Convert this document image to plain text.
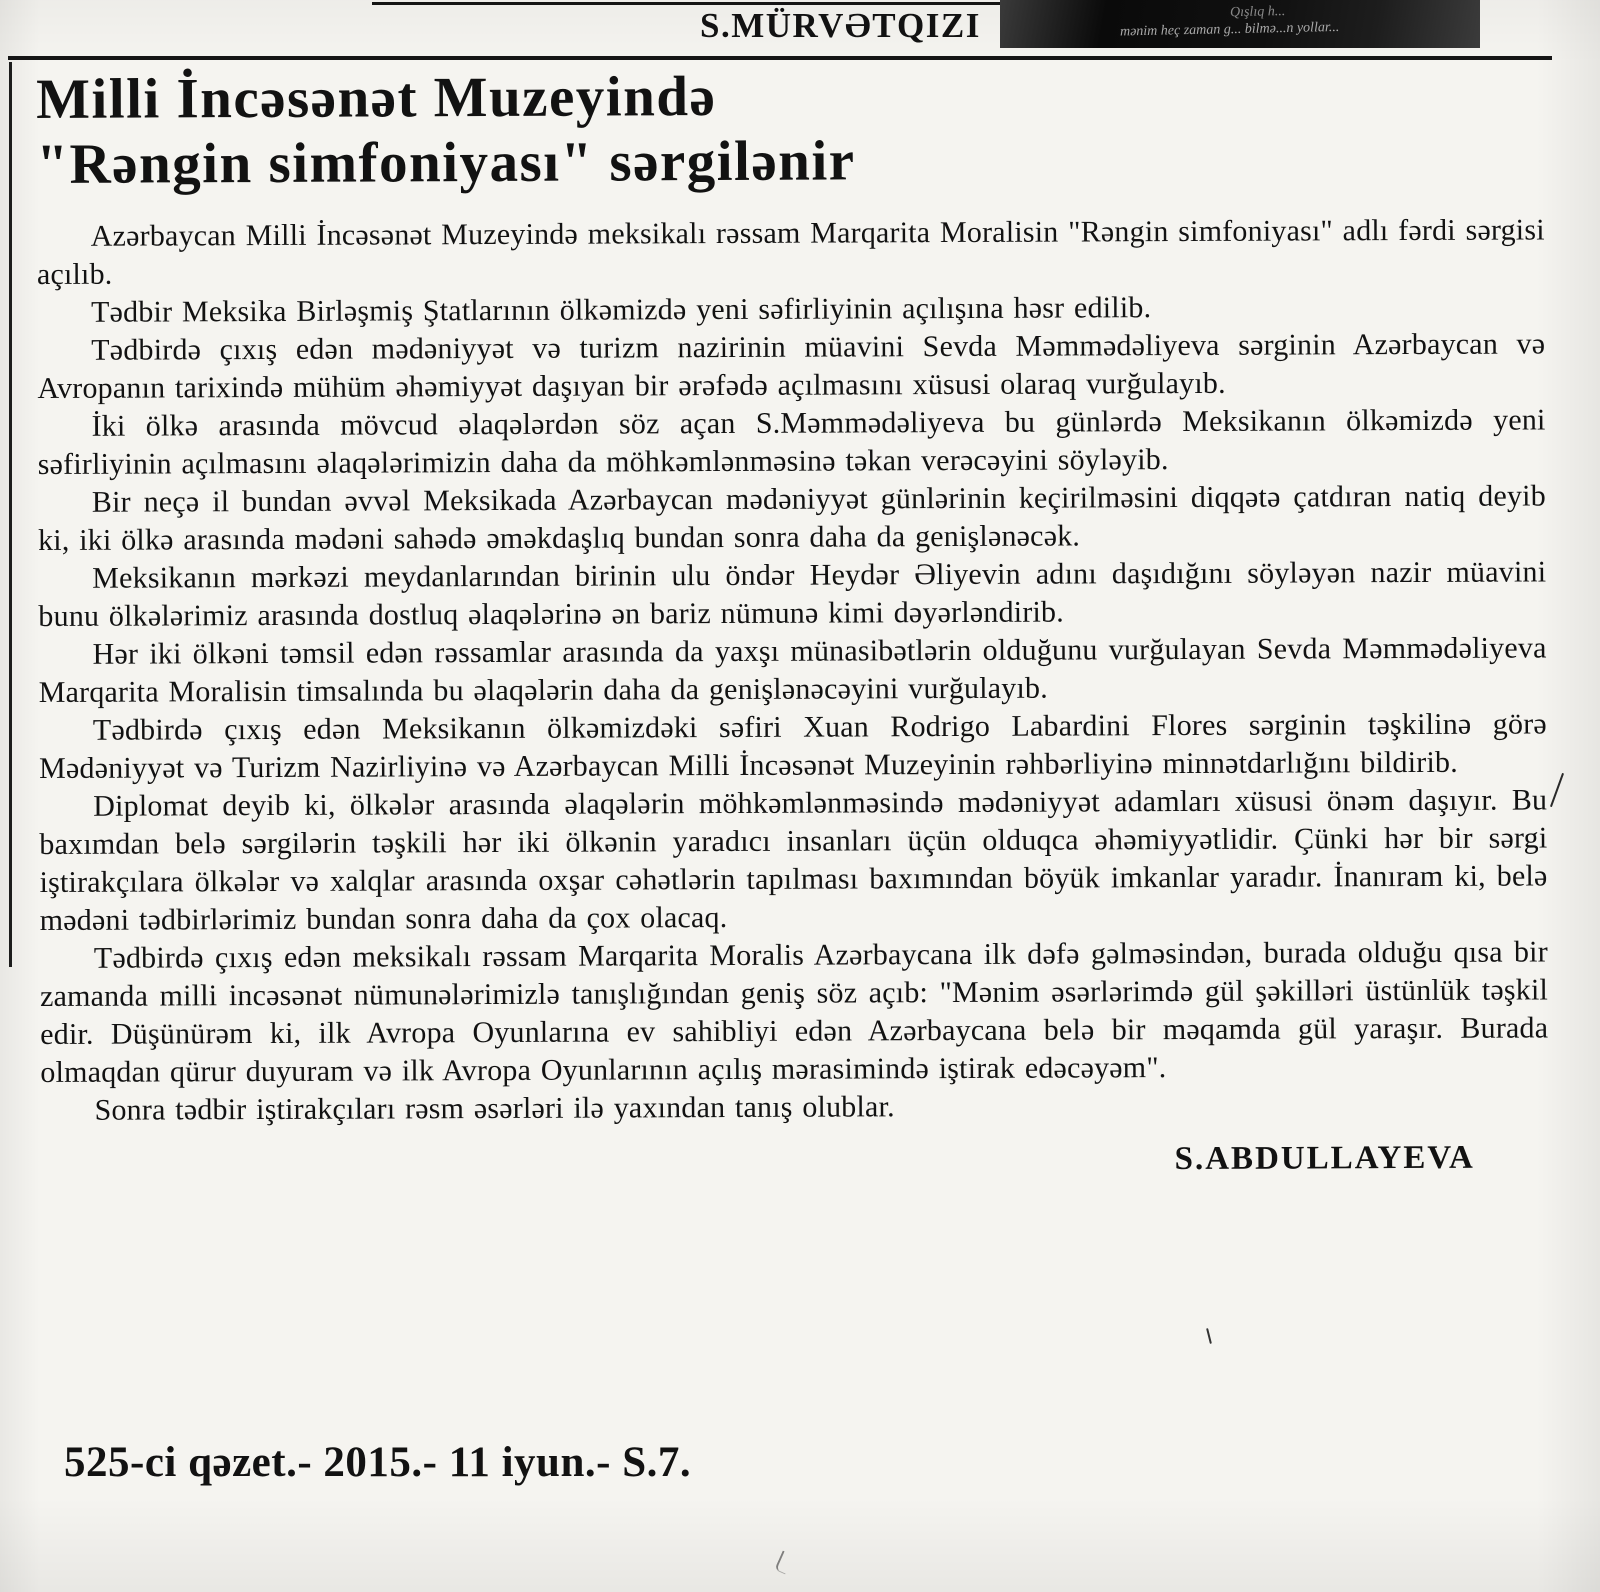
S.MÜRVƏTQIZI	Qışlıq h...
mənim heç zaman g... bilmə...n yollar...
Milli İncəsənət Muzeyində
"Rəngin simfoniyası" sərgilənir

Azərbaycan Milli İncəsənət Muzeyində meksikalı rəssam Marqarita Moralisin "Rəngin simfoniyası" adlı fərdi sərgisi açılıb.

Tədbir Meksika Birləşmiş Ştatlarının ölkəmizdə yeni səfirliyinin açılışına həsr edilib.

Tədbirdə çıxış edən mədəniyyət və turizm nazirinin müavini Sevda Məmmədəliyeva sərginin Azərbaycan və Avropanın tarixində mühüm əhəmiyyət daşıyan bir ərəfədə açılmasını xüsusi olaraq vurğulayıb.

İki ölkə arasında mövcud əlaqələrdən söz açan S.Məmmədəliyeva bu günlərdə Meksikanın ölkəmizdə yeni səfirliyinin açılmasını əlaqələrimizin daha da möhkəmlənməsinə təkan verəcəyini söyləyib.

Bir neçə il bundan əvvəl Meksikada Azərbaycan mədəniyyət günlərinin keçirilməsini diqqətə çatdıran natiq deyib ki, iki ölkə arasında mədəni sahədə əməkdaşlıq bundan sonra daha da genişlənəcək.

Meksikanın mərkəzi meydanlarından birinin ulu öndər Heydər Əliyevin adını daşıdığını söyləyən nazir müavini bunu ölkələrimiz arasında dostluq əlaqələrinə ən bariz nümunə kimi dəyərləndirib.

Hər iki ölkəni təmsil edən rəssamlar arasında da yaxşı münasibətlərin olduğunu vurğulayan Sevda Məmmədəliyeva Marqarita Moralisin timsalında bu əlaqələrin daha da genişlənəcəyini vurğulayıb.

Tədbirdə çıxış edən Meksikanın ölkəmizdəki səfiri Xuan Rodrigo Labardini Flores sərginin təşkilinə görə Mədəniyyət və Turizm Nazirliyinə və Azərbaycan Milli İncəsənət Muzeyinin rəhbərliyinə minnətdarlığını bildirib.

Diplomat deyib ki, ölkələr arasında əlaqələrin möhkəmlənməsində mədəniyyət adamları xüsusi önəm daşıyır. Bu baxımdan belə sərgilərin təşkili hər iki ölkənin yaradıcı insanları üçün olduqca əhəmiyyətlidir. Çünki hər bir sərgi iştirakçılara ölkələr və xalqlar arasında oxşar cəhətlərin tapılması baxımından böyük imkanlar yaradır. İnanıram ki, belə mədəni tədbirlərimiz bundan sonra daha da çox olacaq.

Tədbirdə çıxış edən meksikalı rəssam Marqarita Moralis Azərbaycana ilk dəfə gəlməsindən, burada olduğu qısa bir zamanda milli incəsənət nümunələrimizlə tanışlığından geniş söz açıb: "Mənim əsərlərimdə gül şəkilləri üstünlük təşkil edir. Düşünürəm ki, ilk Avropa Oyunlarına ev sahibliyi edən Azərbaycana belə bir məqamda gül yaraşır. Burada olmaqdan qürur duyuram və ilk Avropa Oyunlarının açılış mərasimində iştirak edəcəyəm".

Sonra tədbir iştirakçıları rəsm əsərləri ilə yaxından tanış olublar.

S.ABDULLAYEVA
525-ci qəzet.- 2015.- 11 iyun.- S.7.
